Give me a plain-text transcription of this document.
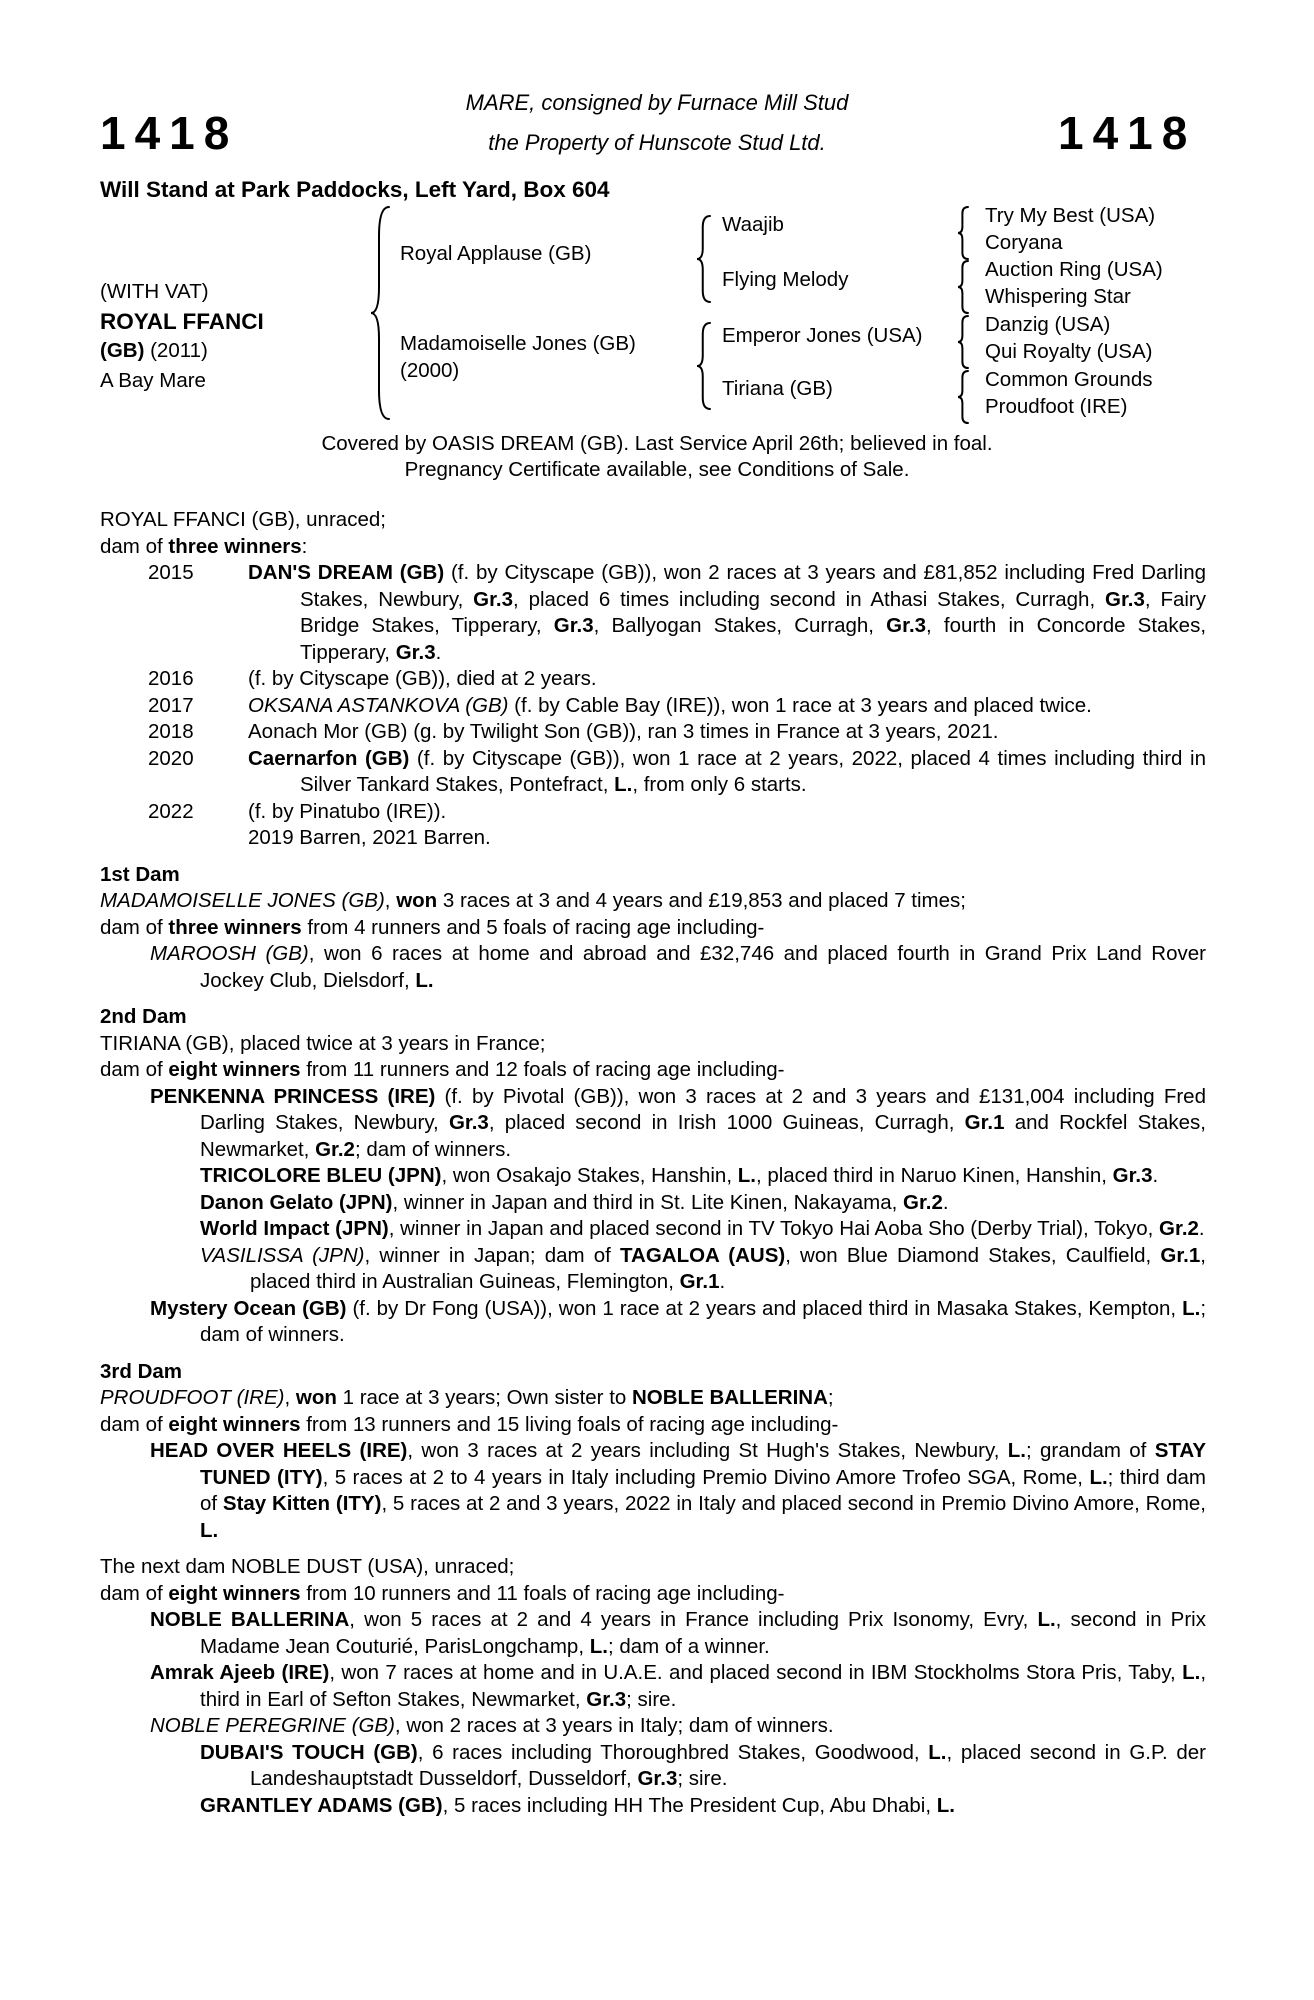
MARE, consigned by Furnace Mill Stud
the Property of Hunscote Stud Ltd.
1418	1418
Will Stand at Park Paddocks, Left Yard, Box 604
(WITH VAT)
ROYAL FFANCI
(GB) (2011)
A Bay Mare
Royal Applause (GB)
Madamoiselle Jones (GB)
(2000)
Waajib
Flying Melody
Emperor Jones (USA)
Tiriana (GB)
Try My Best (USA)
Coryana
Auction Ring (USA)
Whispering Star
Danzig (USA)
Qui Royalty (USA)
Common Grounds
Proudfoot (IRE)
Covered by OASIS DREAM (GB). Last Service April 26th; believed in foal.
Pregnancy Certificate available, see Conditions of Sale.

ROYAL FFANCI (GB), unraced;

dam of three winners:

2015	DAN'S DREAM (GB) (f. by Cityscape (GB)), won 2 races at 3 years and £81,852 including Fred Darling Stakes, Newbury, Gr.3, placed 6 times including second in Athasi Stakes, Curragh, Gr.3, Fairy Bridge Stakes, Tipperary, Gr.3, Ballyogan Stakes, Curragh, Gr.3, fourth in Concorde Stakes, Tipperary, Gr.3.

2016	(f. by Cityscape (GB)), died at 2 years.

2017	OKSANA ASTANKOVA (GB) (f. by Cable Bay (IRE)), won 1 race at 3 years and placed twice.

2018	Aonach Mor (GB) (g. by Twilight Son (GB)), ran 3 times in France at 3 years, 2021.

2020	Caernarfon (GB) (f. by Cityscape (GB)), won 1 race at 2 years, 2022, placed 4 times including third in Silver Tankard Stakes, Pontefract, L., from only 6 starts.

2022	(f. by Pinatubo (IRE)).

2019 Barren, 2021 Barren.

1st Dam

MADAMOISELLE JONES (GB), won 3 races at 3 and 4 years and £19,853 and placed 7 times;

dam of three winners from 4 runners and 5 foals of racing age including-

MAROOSH (GB), won 6 races at home and abroad and £32,746 and placed fourth in Grand Prix Land Rover Jockey Club, Dielsdorf, L.

2nd Dam

TIRIANA (GB), placed twice at 3 years in France;

dam of eight winners from 11 runners and 12 foals of racing age including-

PENKENNA PRINCESS (IRE) (f. by Pivotal (GB)), won 3 races at 2 and 3 years and £131,004 including Fred Darling Stakes, Newbury, Gr.3, placed second in Irish 1000 Guineas, Curragh, Gr.1 and Rockfel Stakes, Newmarket, Gr.2; dam of winners.

TRICOLORE BLEU (JPN), won Osakajo Stakes, Hanshin, L., placed third in Naruo Kinen, Hanshin, Gr.3.

Danon Gelato (JPN), winner in Japan and third in St. Lite Kinen, Nakayama, Gr.2.

World Impact (JPN), winner in Japan and placed second in TV Tokyo Hai Aoba Sho (Derby Trial), Tokyo, Gr.2.

VASILISSA (JPN), winner in Japan; dam of TAGALOA (AUS), won Blue Diamond Stakes, Caulfield, Gr.1, placed third in Australian Guineas, Flemington, Gr.1.

Mystery Ocean (GB) (f. by Dr Fong (USA)), won 1 race at 2 years and placed third in Masaka Stakes, Kempton, L.; dam of winners.

3rd Dam

PROUDFOOT (IRE), won 1 race at 3 years; Own sister to NOBLE BALLERINA;

dam of eight winners from 13 runners and 15 living foals of racing age including-

HEAD OVER HEELS (IRE), won 3 races at 2 years including St Hugh's Stakes, Newbury, L.; grandam of STAY TUNED (ITY), 5 races at 2 to 4 years in Italy including Premio Divino Amore Trofeo SGA, Rome, L.; third dam of Stay Kitten (ITY), 5 races at 2 and 3 years, 2022 in Italy and placed second in Premio Divino Amore, Rome, L.

The next dam NOBLE DUST (USA), unraced;

dam of eight winners from 10 runners and 11 foals of racing age including-

NOBLE BALLERINA, won 5 races at 2 and 4 years in France including Prix Isonomy, Evry, L., second in Prix Madame Jean Couturié, ParisLongchamp, L.; dam of a winner.

Amrak Ajeeb (IRE), won 7 races at home and in U.A.E. and placed second in IBM Stockholms Stora Pris, Taby, L., third in Earl of Sefton Stakes, Newmarket, Gr.3; sire.

NOBLE PEREGRINE (GB), won 2 races at 3 years in Italy; dam of winners.

DUBAI'S TOUCH (GB), 6 races including Thoroughbred Stakes, Goodwood, L., placed second in G.P. der Landeshauptstadt Dusseldorf, Dusseldorf, Gr.3; sire.

GRANTLEY ADAMS (GB), 5 races including HH The President Cup, Abu Dhabi, L.
